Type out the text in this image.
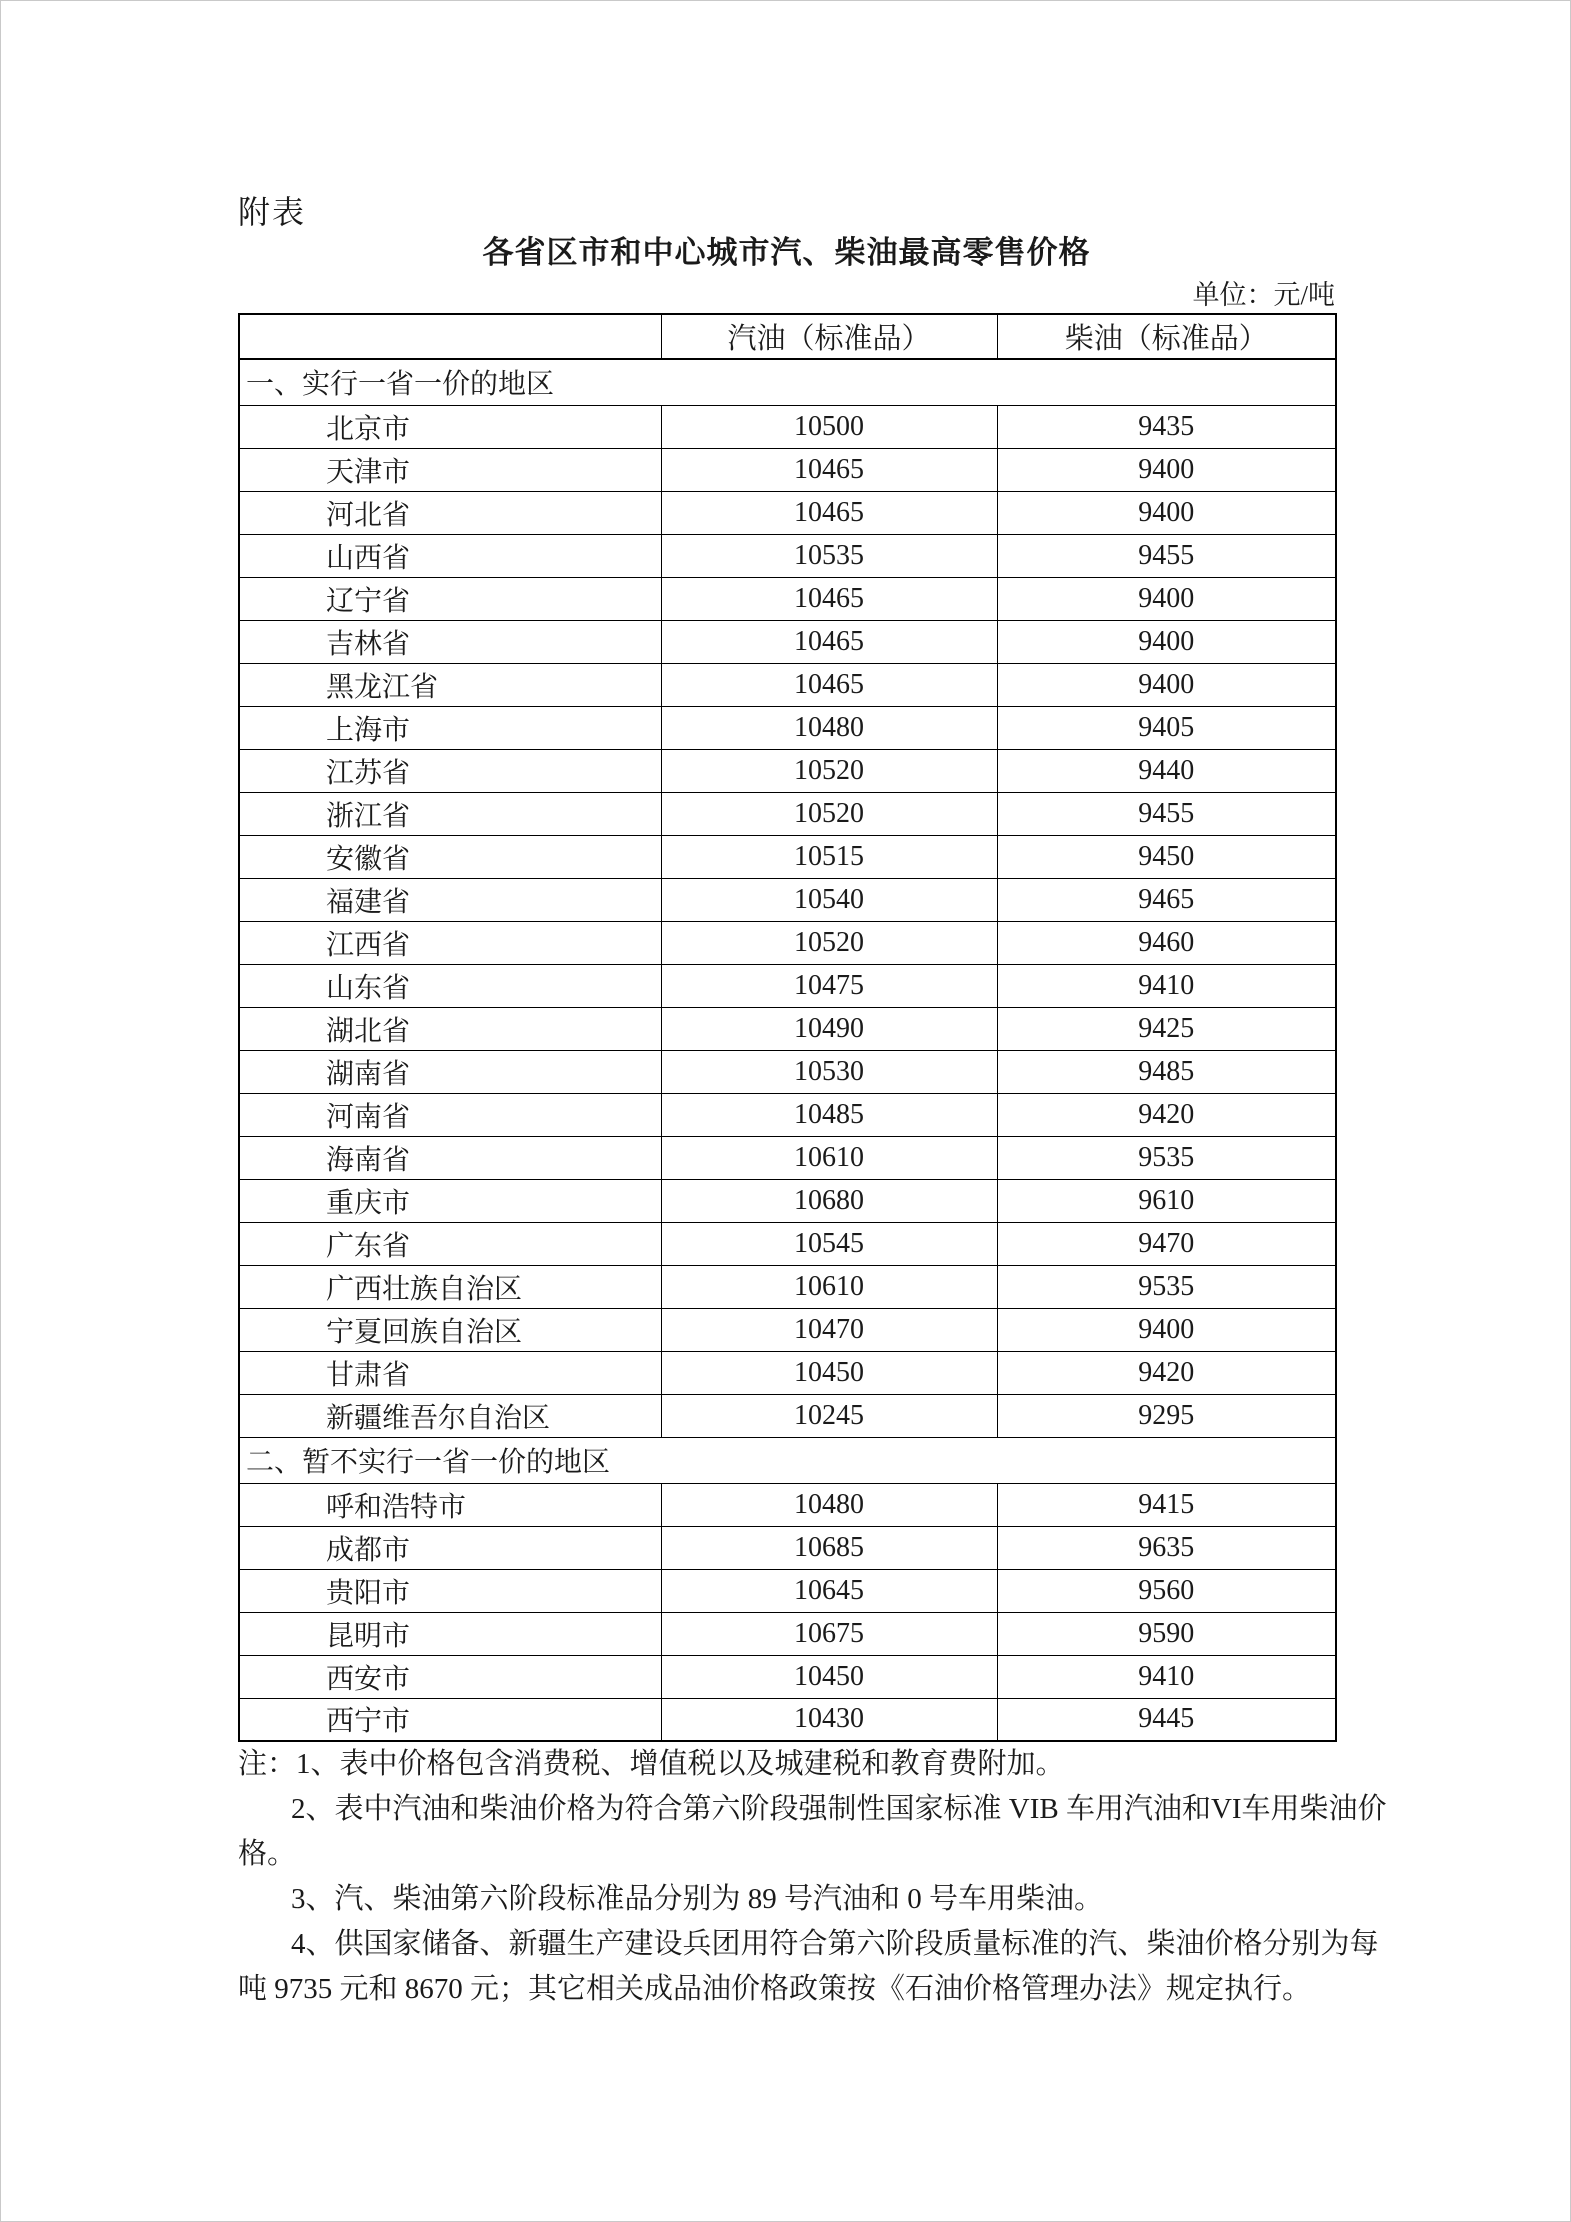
附表
各省区市和中心城市汽、柴油最高零售价格
单位：元/吨
	汽油（标准品）	柴油（标准品）
一、实行一省一价的地区		
北京市	10500	9435
天津市	10465	9400
河北省	10465	9400
山西省	10535	9455
辽宁省	10465	9400
吉林省	10465	9400
黑龙江省	10465	9400
上海市	10480	9405
江苏省	10520	9440
浙江省	10520	9455
安徽省	10515	9450
福建省	10540	9465
江西省	10520	9460
山东省	10475	9410
湖北省	10490	9425
湖南省	10530	9485
河南省	10485	9420
海南省	10610	9535
重庆市	10680	9610
广东省	10545	9470
广西壮族自治区	10610	9535
宁夏回族自治区	10470	9400
甘肃省	10450	9420
新疆维吾尔自治区	10245	9295
二、暂不实行一省一价的地区		
呼和浩特市	10480	9415
成都市	10685	9635
贵阳市	10645	9560
昆明市	10675	9590
西安市	10450	9410
西宁市	10430	9445
注：1、表中价格包含消费税、增值税以及城建税和教育费附加。
2、表中汽油和柴油价格为符合第六阶段强制性国家标准 VIB 车用汽油和VI车用柴油价
格。
3、汽、柴油第六阶段标准品分别为 89 号汽油和 0 号车用柴油。
4、供国家储备、新疆生产建设兵团用符合第六阶段质量标准的汽、柴油价格分别为每
吨 9735 元和 8670 元；其它相关成品油价格政策按《石油价格管理办法》规定执行。
